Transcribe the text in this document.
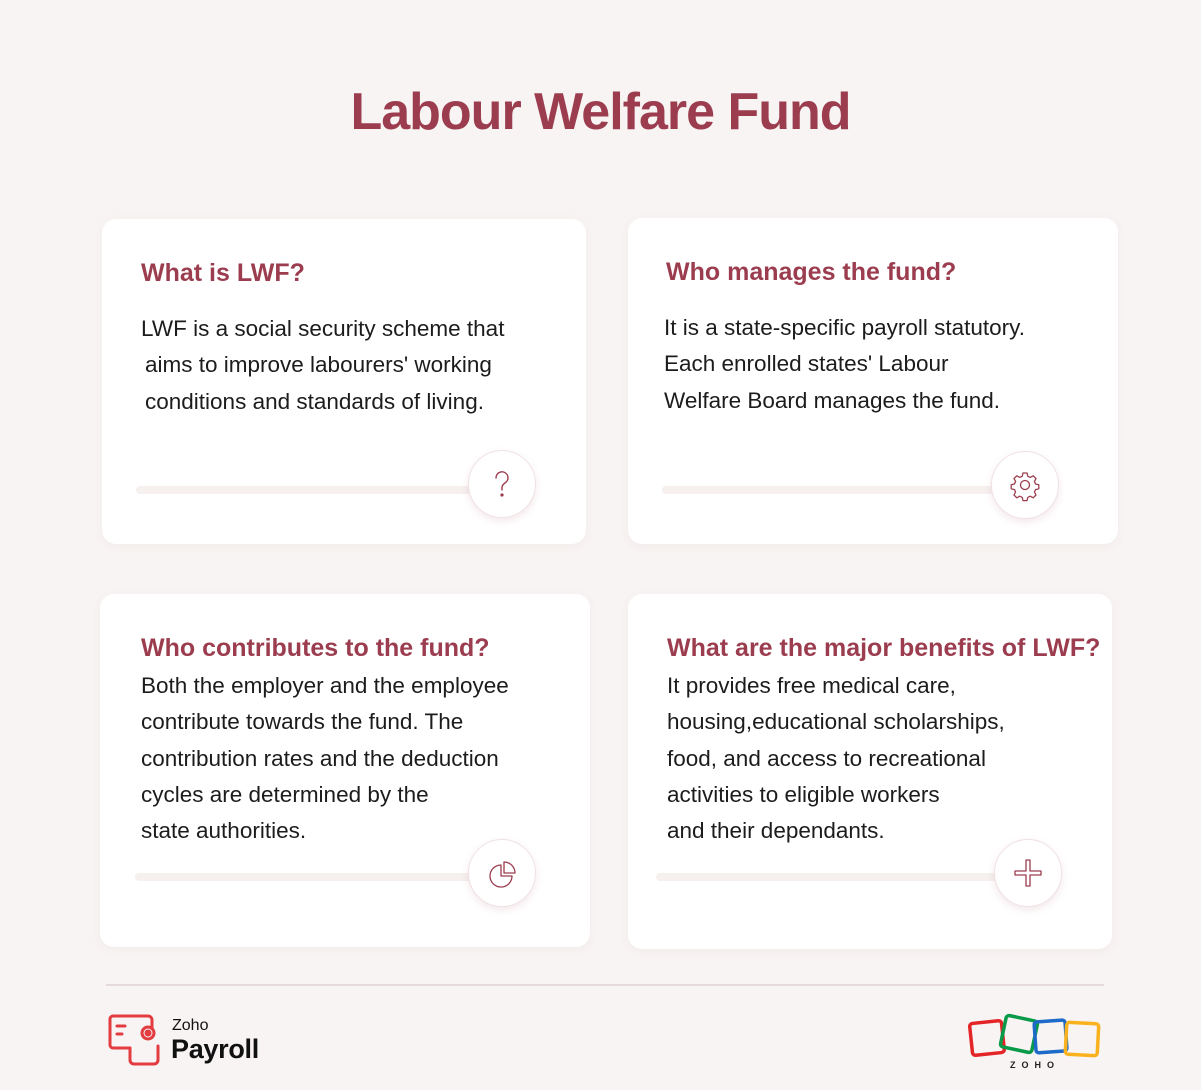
Labour Welfare Fund
What is LWF?
LWF is a social security scheme that
aims to improve labourers' working
conditions and standards of living.
Who manages the fund?
It is a state-specific payroll statutory.
Each enrolled states' Labour
Welfare Board manages the fund.
Who contributes to the fund?
Both the employer and the employee
contribute towards the fund. The
contribution rates and the deduction
cycles are determined by the
state authorities.
What are the major benefits of LWF?
It provides free medical care,
housing,educational scholarships,
food, and access to recreational
activities to eligible workers
and their dependants.
Zoho
Payroll
ZOHO
